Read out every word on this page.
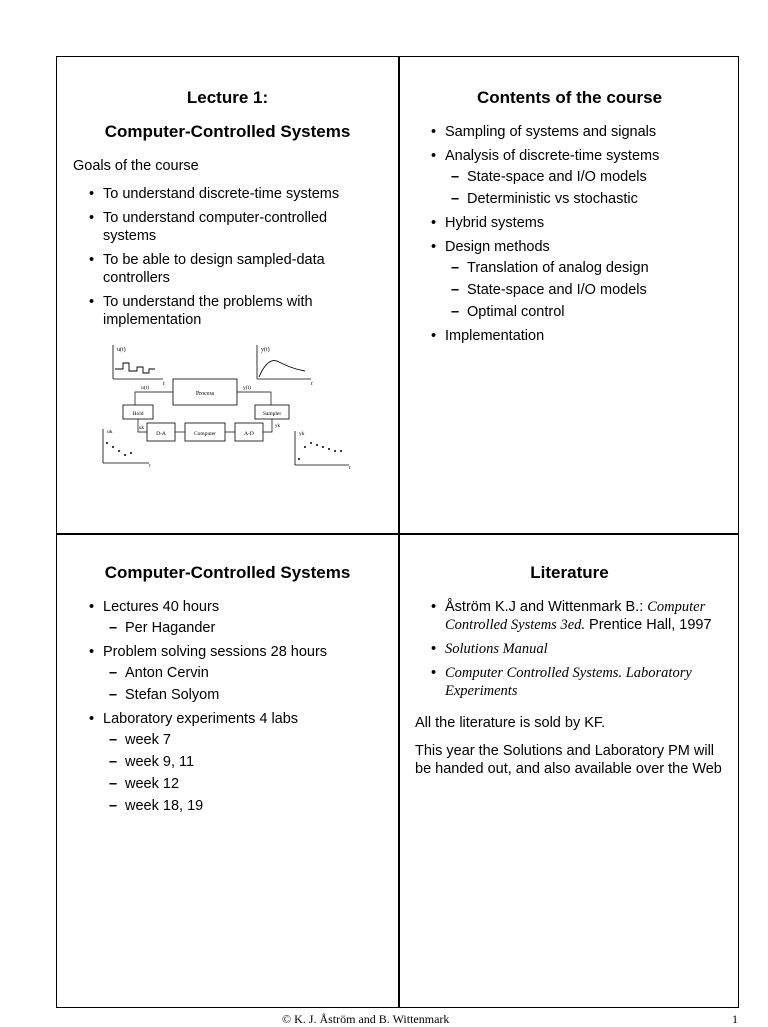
Lecture 1:
Computer-Controlled Systems
Goals of the course
• To understand discrete-time systems
• To understand computer-controlled systems
• To be able to design sampled-data controllers
• To understand the problems with implementation
u(t)
t
y(t)
t
Process
u(t)	y(t)
Hold	Sampler
D-A	Computer	A-D
uk	yk
uk
t
yk
t
Contents of the course
• Sampling of systems and signals
• Analysis of discrete-time systems
– State-space and I/O models
– Deterministic vs stochastic
• Hybrid systems
• Design methods
– Translation of analog design
– State-space and I/O models
– Optimal control
• Implementation
Computer-Controlled Systems
• Lectures 40 hours
– Per Hagander
• Problem solving sessions 28 hours
– Anton Cervin
– Stefan Solyom
• Laboratory experiments 4 labs
– week 7
– week 9, 11
– week 12
– week 18, 19
Literature
• Åström K.J and Wittenmark B.: Computer Controlled Systems 3ed. Prentice Hall, 1997
• Solutions Manual
• Computer Controlled Systems. Laboratory Experiments
All the literature is sold by KF.
This year the Solutions and Laboratory PM will be handed out, and also available over the Web
© K. J. Åström and B. Wittenmark	1
